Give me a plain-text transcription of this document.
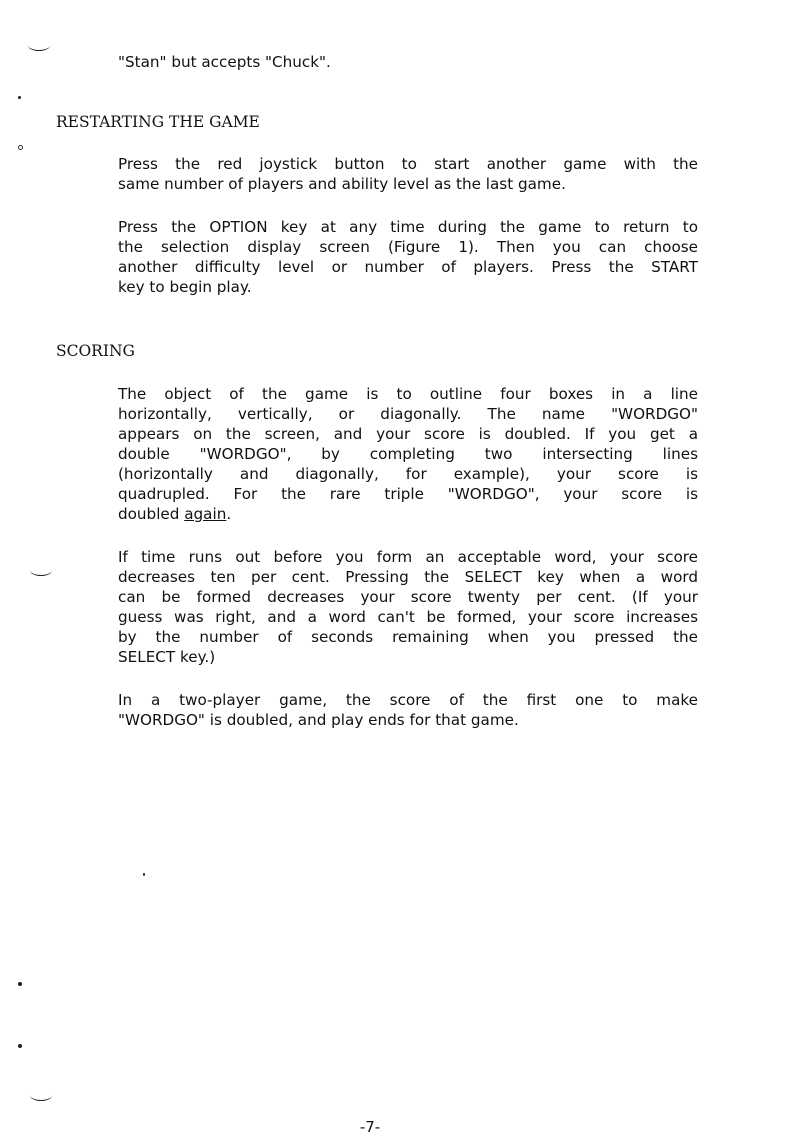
"Stan" but accepts "Chuck".

RESTARTING THE GAME

Press the red joystick button to start another game with the
same number of players and ability level as the last game.

Press the OPTION key at any time during the game to return to
the selection display screen (Figure 1). Then you can choose
another difficulty level or number of players. Press the START
key to begin play.

SCORING

The object of the game is to outline four boxes in a line
horizontally, vertically, or diagonally. The name "WORDGO"
appears on the screen, and your score is doubled. If you get a
double "WORDGO", by completing two intersecting lines
(horizontally and diagonally, for example), your score is
quadrupled. For the rare triple "WORDGO", your score is
doubled again.

If time runs out before you form an acceptable word, your score
decreases ten per cent. Pressing the SELECT key when a word
can be formed decreases your score twenty per cent. (If your
guess was right, and a word can't be formed, your score increases
by the number of seconds remaining when you pressed the
SELECT key.)

In a two-player game, the score of the first one to make
"WORDGO" is doubled, and play ends for that game.

-7-
